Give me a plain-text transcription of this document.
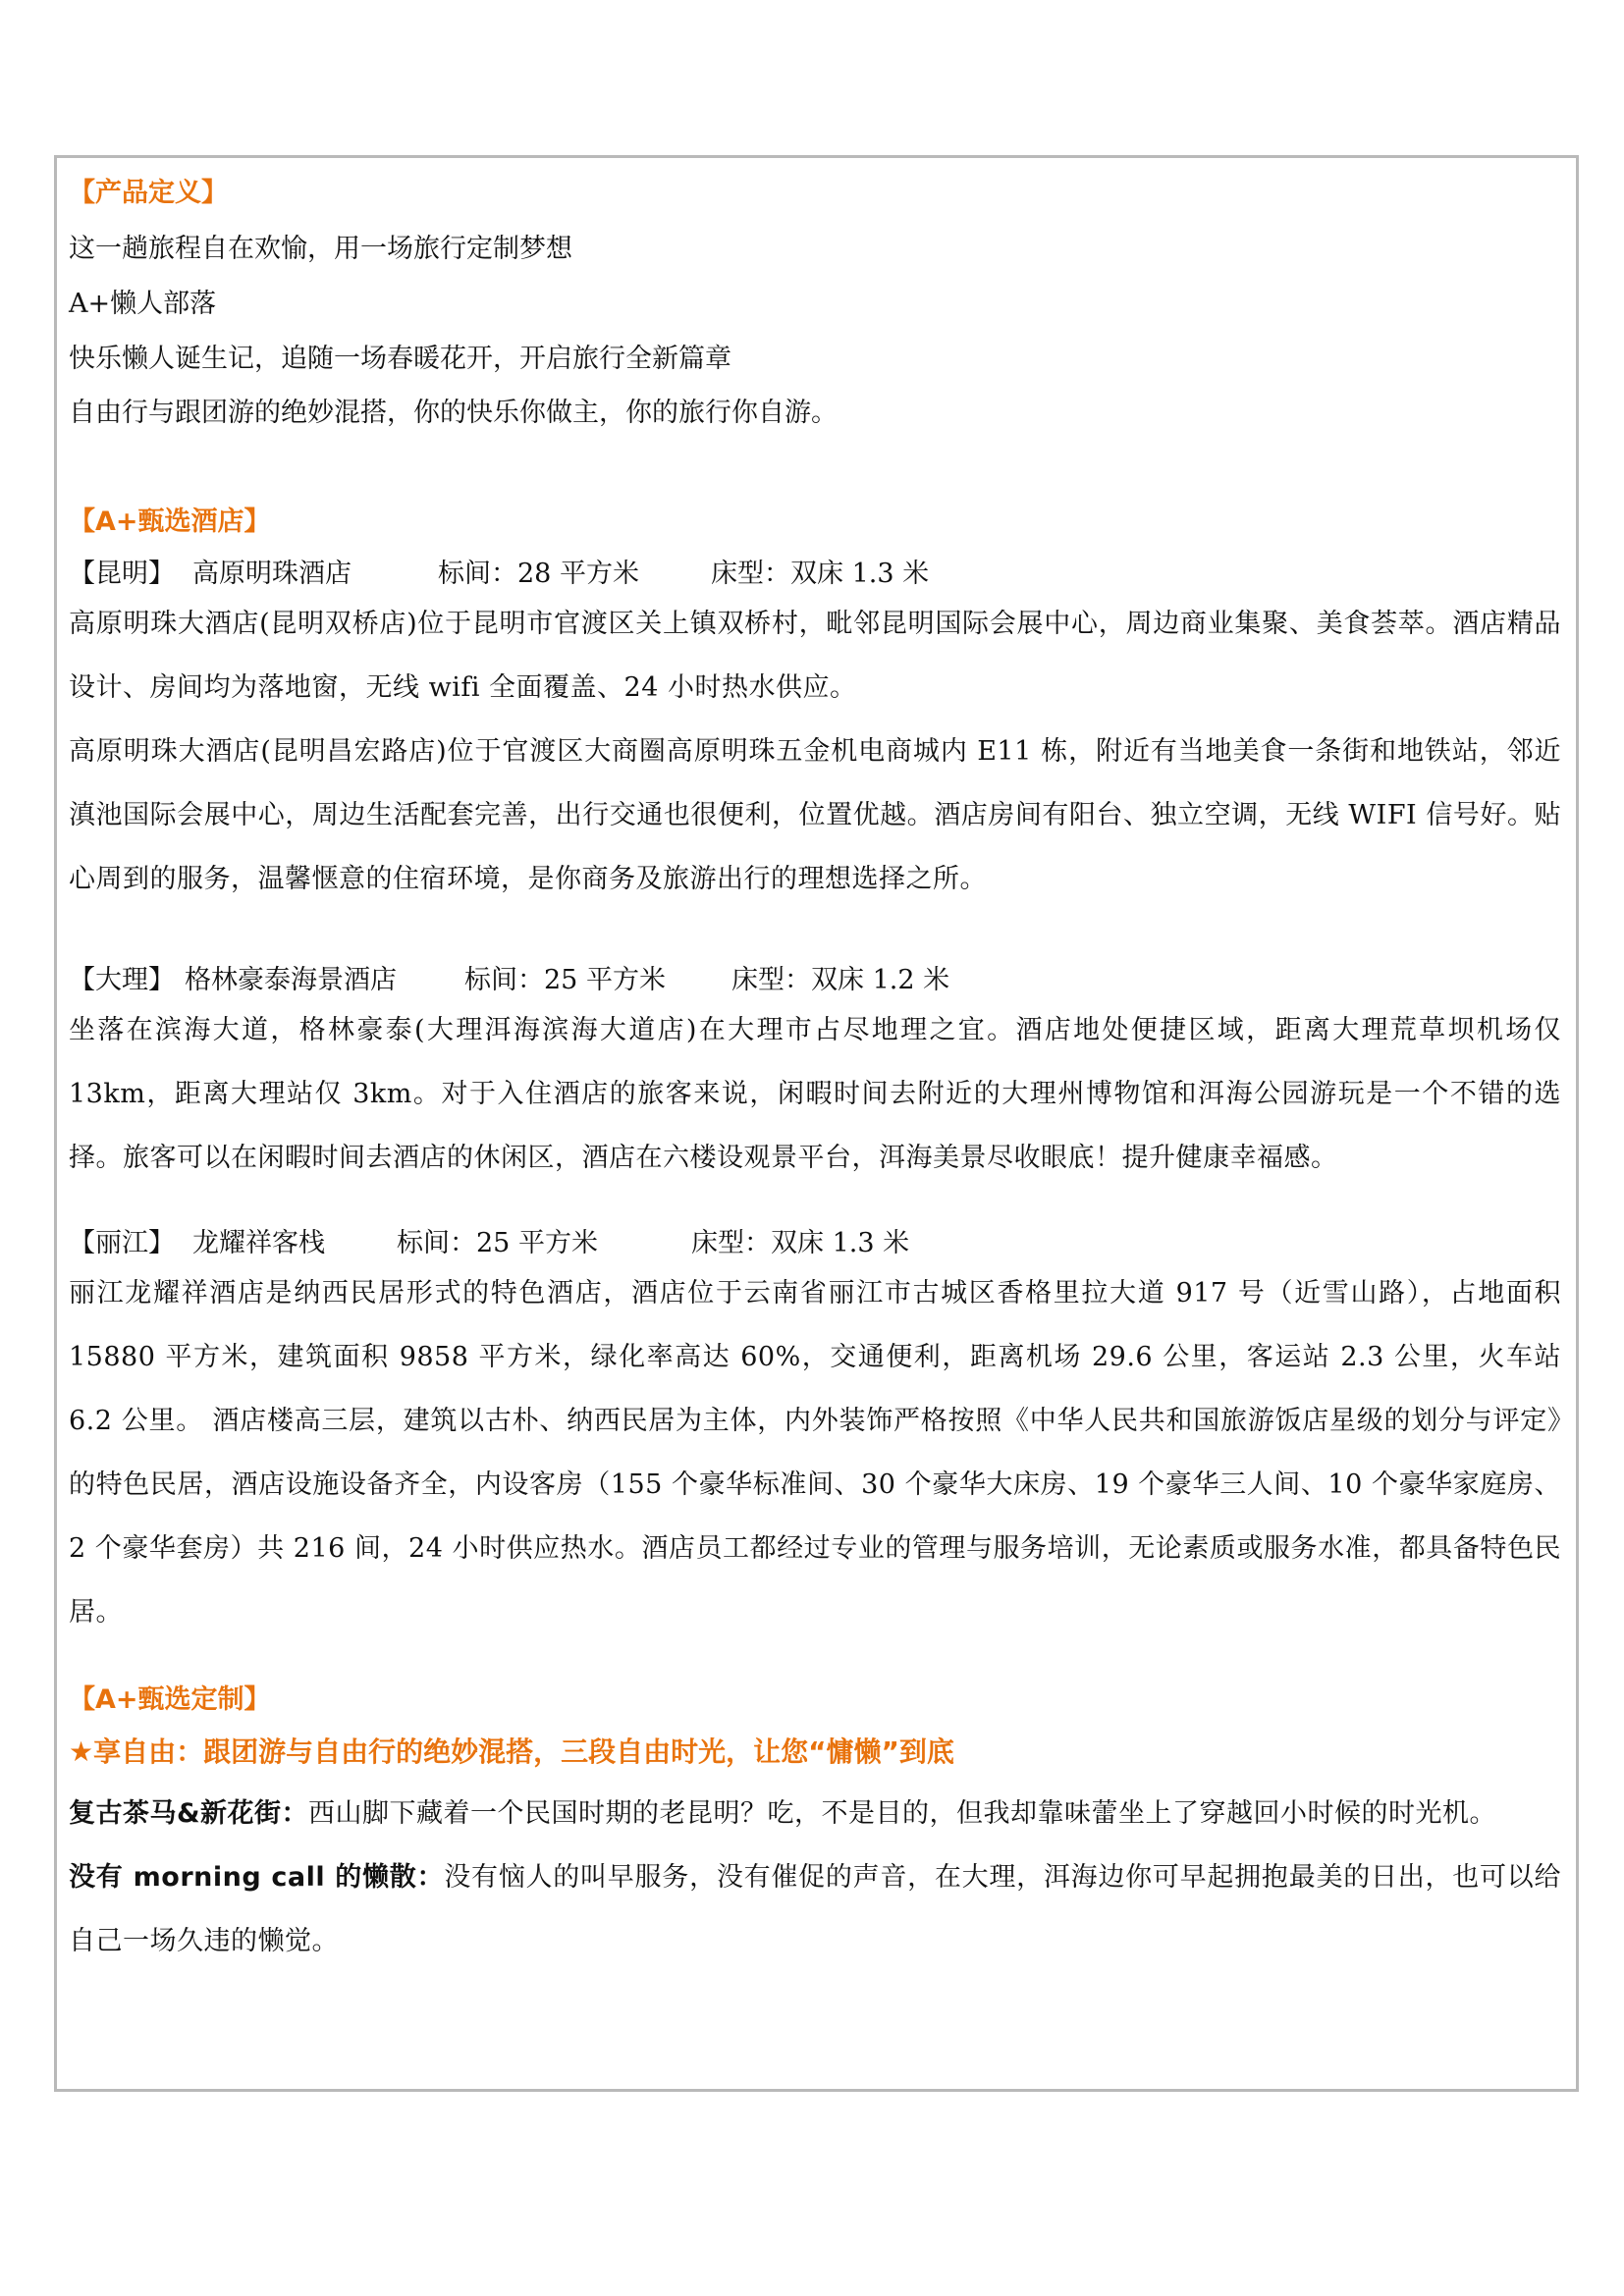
【产品定义】
这一趟旅程自在欢愉，用一场旅行定制梦想
A+懒人部落
快乐懒人诞生记，追随一场春暖花开，开启旅行全新篇章
自由行与跟团游的绝妙混搭，你的快乐你做主，你的旅行你自游。
【A+甄选酒店】
【昆明】 高原明珠酒店	标间：28 平方米	床型：双床 1.3 米
高原明珠大酒店(昆明双桥店)位于昆明市官渡区关上镇双桥村，毗邻昆明国际会展中心，周边商业集聚、美食荟萃。酒店精品设计、房间均为落地窗，无线 wifi 全面覆盖、24 小时热水供应。
高原明珠大酒店(昆明昌宏路店)位于官渡区大商圈高原明珠五金机电商城内 E11 栋，附近有当地美食一条街和地铁站，邻近滇池国际会展中心，周边生活配套完善，出行交通也很便利，位置优越。酒店房间有阳台、独立空调，无线 WIFI 信号好。贴心周到的服务，温馨惬意的住宿环境，是你商务及旅游出行的理想选择之所。
【大理】 格林豪泰海景酒店	标间：25 平方米 床型：双床 1.2 米
坐落在滨海大道，格林豪泰(大理洱海滨海大道店)在大理市占尽地理之宜。酒店地处便捷区域，距离大理荒草坝机场仅 13km，距离大理站仅 3km。对于入住酒店的旅客来说，闲暇时间去附近的大理州博物馆和洱海公园游玩是一个不错的选择。旅客可以在闲暇时间去酒店的休闲区，酒店在六楼设观景平台，洱海美景尽收眼底！提升健康幸福感。
【丽江】 龙耀祥客栈	标间：25 平方米	床型：双床 1.3 米
丽江龙耀祥酒店是纳西民居形式的特色酒店，酒店位于云南省丽江市古城区香格里拉大道 917 号（近雪山路），占地面积 15880 平方米，建筑面积 9858 平方米，绿化率高达 60%，交通便利，距离机场 29.6 公里，客运站 2.3 公里，火车站 6.2 公里。 酒店楼高三层，建筑以古朴、纳西民居为主体，内外装饰严格按照《中华人民共和国旅游饭店星级的划分与评定》的特色民居，酒店设施设备齐全，内设客房（155 个豪华标准间、30 个豪华大床房、19 个豪华三人间、10 个豪华家庭房、2 个豪华套房）共 216 间，24 小时供应热水。酒店员工都经过专业的管理与服务培训，无论素质或服务水准，都具备特色民居。
【A+甄选定制】
★享自由：跟团游与自由行的绝妙混搭，三段自由时光，让您“慵懒”到底
复古茶马&新花街：西山脚下藏着一个民国时期的老昆明？吃，不是目的，但我却靠味蕾坐上了穿越回小时候的时光机。
没有 morning call 的懒散：没有恼人的叫早服务，没有催促的声音，在大理，洱海边你可早起拥抱最美的日出，也可以给自己一场久违的懒觉。
